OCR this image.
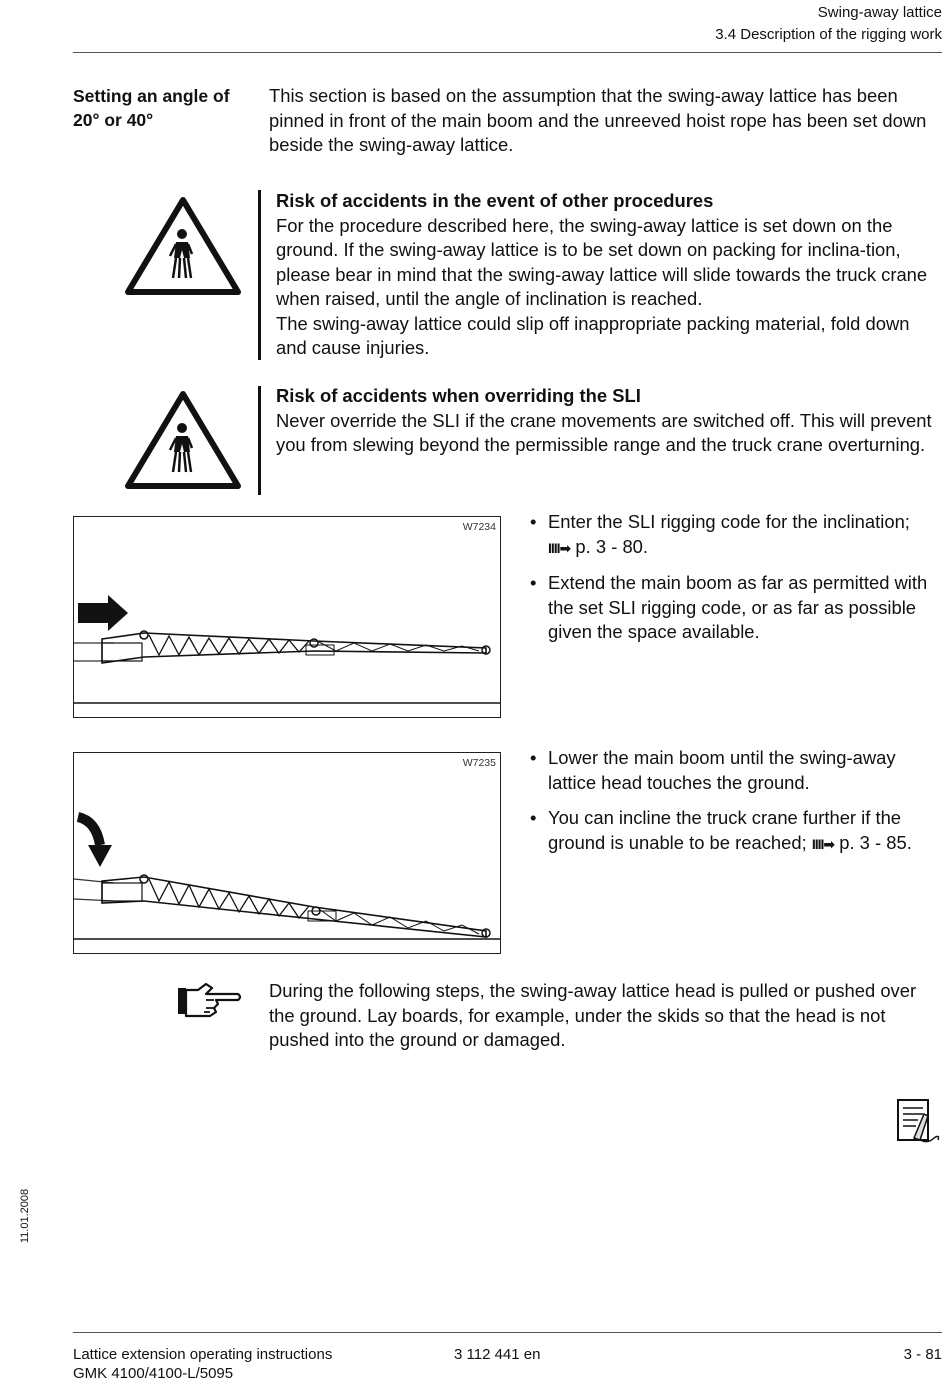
Swing-away lattice
3.4 Description of the rigging work
Setting an angle of 20° or 40°
This section is based on the assumption that the swing-away lattice has been pinned in front of the main boom and the unreeved hoist rope has been set down beside the swing-away lattice.
Risk of accidents in the event of other procedures
For the procedure described here, the swing-away lattice is set down on the ground. If the swing-away lattice is to be set down on packing for inclina-tion, please bear in mind that the swing-away lattice will slide towards the truck crane when raised, until the angle of inclination is reached.
The swing-away lattice could slip off inappropriate packing material, fold down and cause injuries.
Risk of accidents when overriding the SLI
Never override the SLI if the crane movements are switched off. This will prevent you from slewing beyond the permissible range and the truck crane overturning.
W7234 • Enter the SLI rigging code for the inclination;
IIII➡ p. 3 - 80.
• Extend the main boom as far as permitted with the set SLI rigging code, or as far as possible given the space available.
W7235 • Lower the main boom until the swing-away lattice head touches the ground.
• You can incline the truck crane further if the ground is unable to be reached; IIII➡ p. 3 - 85.
During the following steps, the swing-away lattice head is pulled or pushed over the ground. Lay boards, for example, under the skids so that the head is not pushed into the ground or damaged.
11.01.2008
Lattice extension operating instructions
GMK 4100/4100-L/5095
3 112 441 en	3 - 81
